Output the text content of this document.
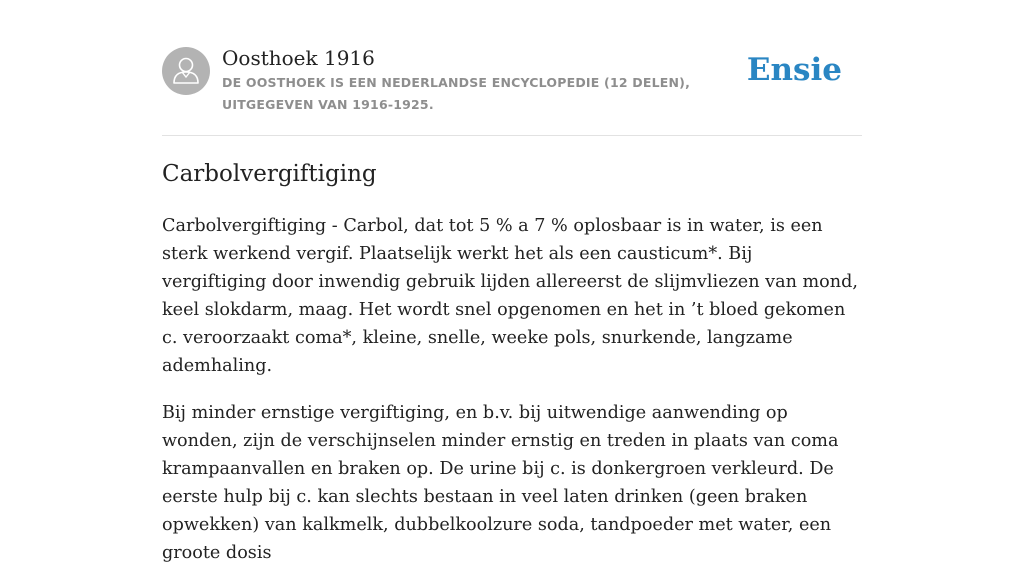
Oosthoek 1916
DE OOSTHOEK IS EEN NEDERLANDSE ENCYCLOPEDIE (12 DELEN), UITGEGEVEN VAN 1916-1925.
Ensie
Carbolvergiftiging

Carbolvergiftiging - Carbol, dat tot 5 % a 7 % oplosbaar is in water, is een sterk werkend vergif. Plaatselijk werkt het als een causticum*. Bij vergiftiging door inwendig gebruik lijden allereerst de slijmvliezen van mond, keel slokdarm, maag. Het wordt snel opgenomen en het in ’t bloed gekomen c. veroorzaakt coma*, kleine, snelle, weeke pols, snurkende, langzame ademhaling.

Bij minder ernstige vergiftiging, en b.v. bij uitwendige aanwending op wonden, zijn de verschijnselen minder ernstig en treden in plaats van coma krampaanvallen en braken op. De urine bij c. is donkergroen verkleurd. De eerste hulp bij c. kan slechts bestaan in veel laten drinken (geen braken opwekken) van kalkmelk, dubbelkoolzure soda, tandpoeder met water, een groote dosis
